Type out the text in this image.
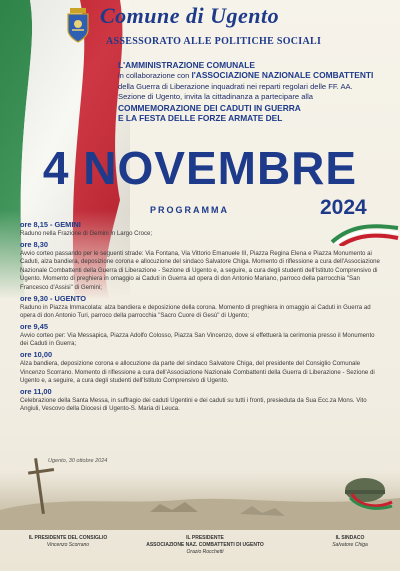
Comune di Ugento
ASSESSORATO ALLE POLITICHE SOCIALI
L'AMMINISTRAZIONE COMUNALE
in collaborazione con l'ASSOCIAZIONE NAZIONALE COMBATTENTI
della Guerra di Liberazione inquadrati nei reparti regolari delle FF. AA.
Sezione di Ugento, invita la cittadinanza a partecipare alla
COMMEMORAZIONE DEI CADUTI IN GUERRA
E LA FESTA DELLE FORZE ARMATE DEL
4 NOVEMBRE
PROGRAMMA	2024
ore 8,15 - GEMINI
Raduno nella Frazione di Gemini in Largo Croce;
ore 8,30
Avvio corteo passando per le seguenti strade: Via Fontana, Via Vittorio Emanuele III, Piazza Regina Elena e Piazza Monumento ai Caduti, alza bandiera, deposizione corona e allocuzione del sindaco Salvatore Chiga. Momento di riflessione a cura dell'Associazione Nazionale Combattenti della Guerra di Liberazione - Sezione di Ugento e, a seguire, a cura degli studenti dell'Istituto Comprensivo di Ugento. Momento di preghiera in omaggio ai Caduti in Guerra ad opera di don Antonio Mariano, parroco della parrocchia "San Francesco d'Assisi" di Gemini;
ore 9,30 - UGENTO
Raduno in Piazza Immacolata: alza bandiera e deposizione della corona. Momento di preghiera in omaggio ai Caduti in Guerra ad opera di don Antonio Turi, parroco della parrocchia "Sacro Cuore di Gesù" di Ugento;
ore 9,45
Avvio corteo per: Via Messapica, Piazza Adolfo Colosso, Piazza San Vincenzo, dove si effettuerà la cerimonia presso il Monumento dei Caduti in Guerra;
ore 10,00
Alza bandiera, deposizione corona e allocuzione da parte del sindaco Salvatore Chiga, del presidente del Consiglio Comunale Vincenzo Scorrano. Momento di riflessione a cura dell'Associazione Nazionale Combattenti della Guerra di Liberazione - Sezione di Ugento e, a seguire, a cura degli studenti dell'Istituto Comprensivo di Ugento.
ore 11,00
Celebrazione della Santa Messa, in suffragio dei caduti Ugentini e dei caduti su tutti i fronti, presieduta da Sua Ecc.za Mons. Vito Angiuli, Vescovo della Diocesi di Ugento-S. Maria di Leuca.
Ugento, 30 ottobre 2024
IL PRESIDENTE DEL CONSIGLIO
Vincenzo Scorrano
IL PRESIDENTE
ASSOCIAZIONE NAZ. COMBATTENTI DI UGENTO
Orazio Rocchetti
IL SINDACO
Salvatore Chiga
